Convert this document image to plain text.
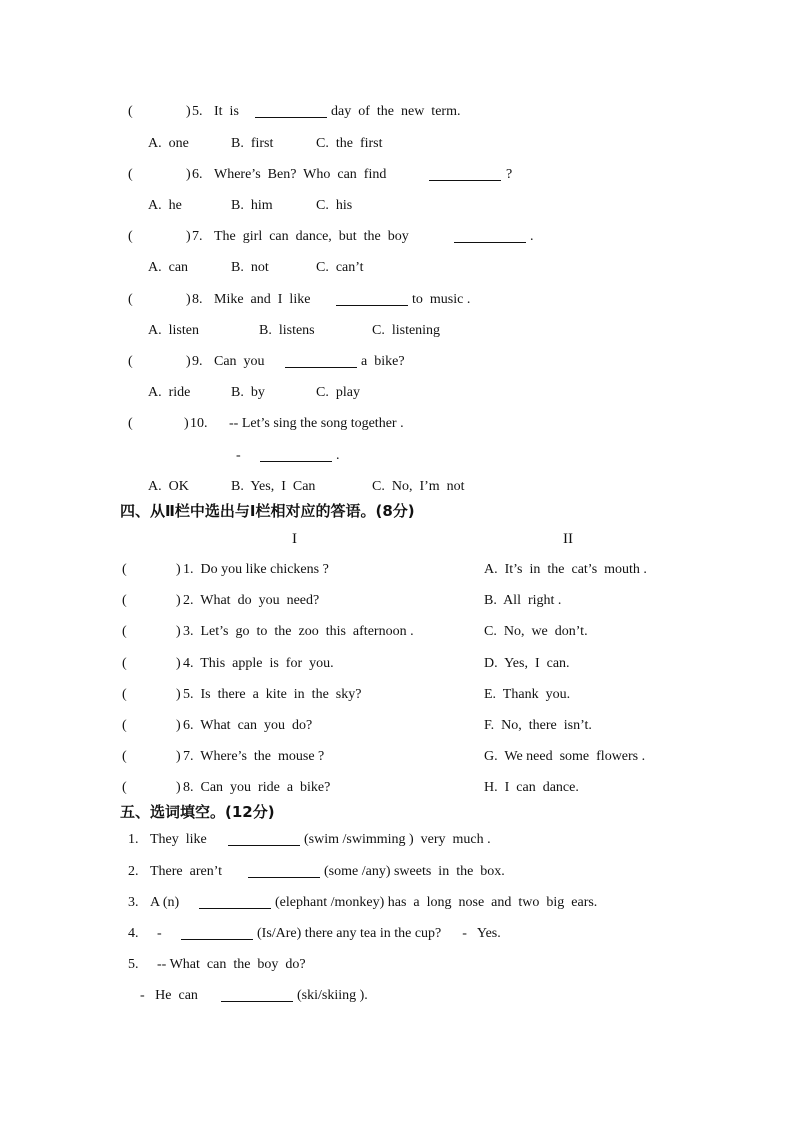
(	) 5. It  is	day  of  the  new  term.
A.  one	B.  first	C.  the  first
(	) 6. Where’s  Ben?  Who  can  find	?
A.  he	B.  him	C.  his
(	) 7. The  girl  can  dance,  but  the  boy	.
A.  can	B.  not	C.  can’t
(	) 8. Mike  and  I  like	to  music .
A.  listen	B.  listens	C.  listening
(	) 9. Can  you	a  bike?
A.  ride	B.  by	C.  play
(	) 10. -- Let’s sing the song together .
-	.
A.  OK	B.  Yes,  I  Can	C.  No,  I’m  not
四、从Ⅱ栏中选出与Ⅰ栏相对应的答语。(8分)
I	II
(	) 1.  Do you like chickens ?	A.  It’s  in  the  cat’s  mouth .
(	) 2.  What  do  you  need?	B.  All  right .
(	) 3.  Let’s  go  to  the  zoo  this  afternoon .	C.  No,  we  don’t.
(	) 4.  This  apple  is  for  you.	D.  Yes,  I  can.
(	) 5.  Is  there  a  kite  in  the  sky?	E.  Thank  you.
(	) 6.  What  can  you  do?	F.  No,  there  isn’t.
(	) 7.  Where’s  the  mouse ?	G.  We need  some  flowers .
(	) 8.  Can  you  ride  a  bike?	H.  I  can  dance.
五、选词填空。(12分)
1. They  like	(swim /swimming )  very  much .
2. There  aren’t	(some /any) sweets  in  the  box.
3. A (n)	(elephant /monkey) has  a  long  nose  and  two  big  ears.
4. -	(Is/Are) there any tea in the cup?      -   Yes.
5. -- What  can  the  boy  do?
-   He  can	(ski/skiing ).
